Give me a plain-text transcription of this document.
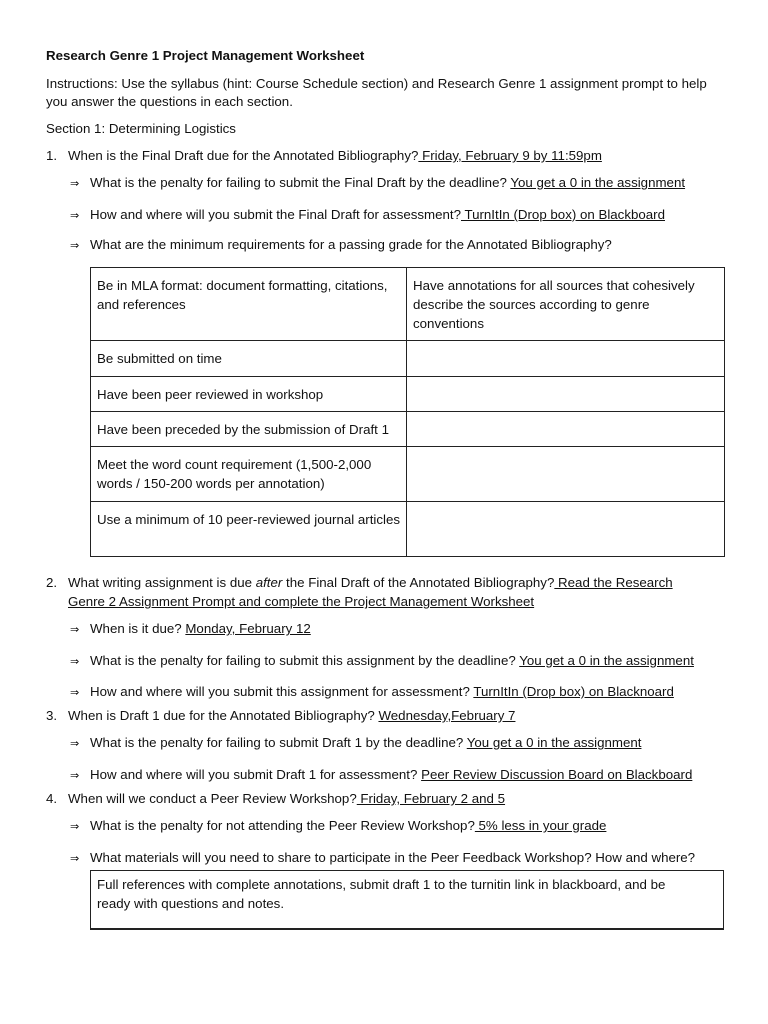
Research Genre 1 Project Management Worksheet
Instructions: Use the syllabus (hint: Course Schedule section) and Research Genre 1 assignment prompt to help
you answer the questions in each section.
Section 1: Determining Logistics
1. When is the Final Draft due for the Annotated Bibliography? Friday, February 9 by 11:59pm
⇒ What is the penalty for failing to submit the Final Draft by the deadline? You get a 0 in the assignment
⇒ How and where will you submit the Final Draft for assessment? TurnItIn (Drop box) on Blackboard
⇒ What are the minimum requirements for a passing grade for the Annotated Bibliography?
Be in MLA format: document formatting, citations, and references	Have annotations for all sources that cohesively describe the sources according to genre conventions
Be submitted on time	
Have been peer reviewed in workshop	
Have been preceded by the submission of Draft 1	
Meet the word count requirement (1,500-2,000 words / 150-200 words per annotation)	
Use a minimum of 10 peer-reviewed journal articles	
2. What writing assignment is due after the Final Draft of the Annotated Bibliography? Read the Research
Genre 2 Assignment Prompt and complete the Project Management Worksheet
⇒ When is it due? Monday, February 12
⇒ What is the penalty for failing to submit this assignment by the deadline? You get a 0 in the assignment
⇒ How and where will you submit this assignment for assessment? TurnItIn (Drop box) on Blacknoard
3. When is Draft 1 due for the Annotated Bibliography? Wednesday,February 7
⇒ What is the penalty for failing to submit Draft 1 by the deadline? You get a 0 in the assignment
⇒ How and where will you submit Draft 1 for assessment? Peer Review Discussion Board on Blackboard
4. When will we conduct a Peer Review Workshop? Friday, February 2 and 5
⇒ What is the penalty for not attending the Peer Review Workshop? 5% less in your grade
⇒ What materials will you need to share to participate in the Peer Feedback Workshop? How and where?
Full references with complete annotations, submit draft 1 to the turnitin link in blackboard, and be
ready with questions and notes.
